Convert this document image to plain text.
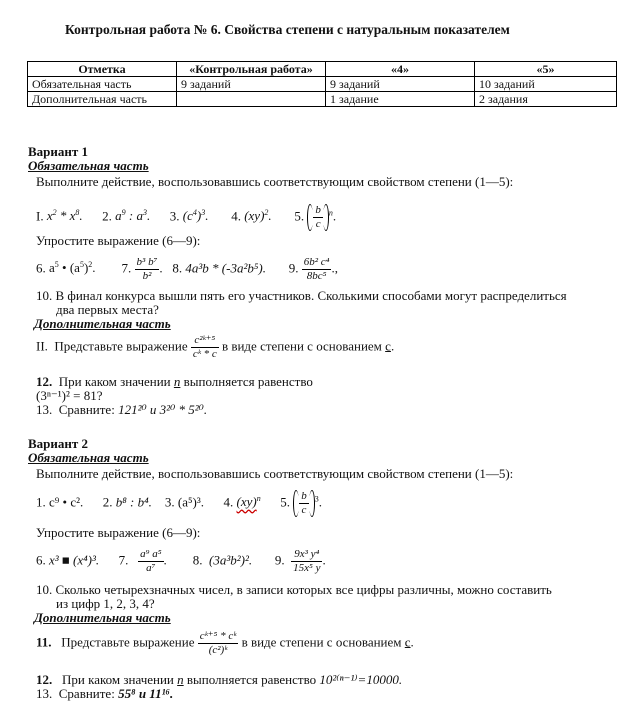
Контрольная работа № 6. Свойства степени с натуральным показателем
Отметка	«Контрольная работа»	«4»	«5»
Обязательная часть	9 заданий	9 заданий	10 заданий
Дополнительная часть		1 задание	2 задания
Вариант 1
Обязательная часть
Выполните действие, воспользовавшись соответствующим свойством степени (1—5):
I. $x^2 * x^8$. 2. $a^9$ : $a^3$. 3. $(c^4)^3$. 4. (xy)$^2$. 5. $\frac{b}{c} ^n$.
Упростите выражение (6—9):
6. $a^5$ • $(a^5)^2$. 7. $\frac{\text{b³ b⁷}}{\text{b²}}$ . 8. 4a³b * (-3a²b⁵). 9. $\frac{\text{6b² c⁴}}{\text{8bc⁵}}$ .,
10. В финал конкурса вышли пять его участников. Сколькими способами могут распределиться
два первых места?
Дополнительная часть
II. Представьте выражение $\frac{\text{c²ᵏ⁺⁵}}{\text{cᵏ * c}}$ в виде степени с основанием c.
12. При каком значении n выполняется равенство
(3ⁿ⁻¹)² = 81?
13. Сравните: 121²⁰ и 3²⁰ * 5²⁰.
Вариант 2
Обязательная часть
Выполните действие, воспользовавшись соответствующим свойством степени (1—5):
1. c⁹ • c². 2. b⁸ : b⁴. 3. (a⁵)³. 4. (xy)$^n$ 5. $\frac{b}{c} ^3$.
Упростите выражение (6—9):
6. x³ ■ (x⁴)³. 7. $\frac{\text{a⁹ a⁵}}{\text{a⁷}}$ . 8. (3a³b²)². 9. $\frac{\text{9x³ y⁴}}{\text{15x⁵ y}}$ .
10. Сколько четырехзначных чисел, в записи которых все цифры различны, можно составить
из цифр 1, 2, 3, 4?
Дополнительная часть
11. Представьте выражение $\frac{\text{cᵏ⁺⁵ * cᵏ}}{\text{(c²)ᵏ}}$ в виде степени с основанием c.
12. При каком значении n выполняется равенство 10²⁽ⁿ⁻¹⁾=10000.
13. Сравните: 55⁸ и 11¹⁶.
